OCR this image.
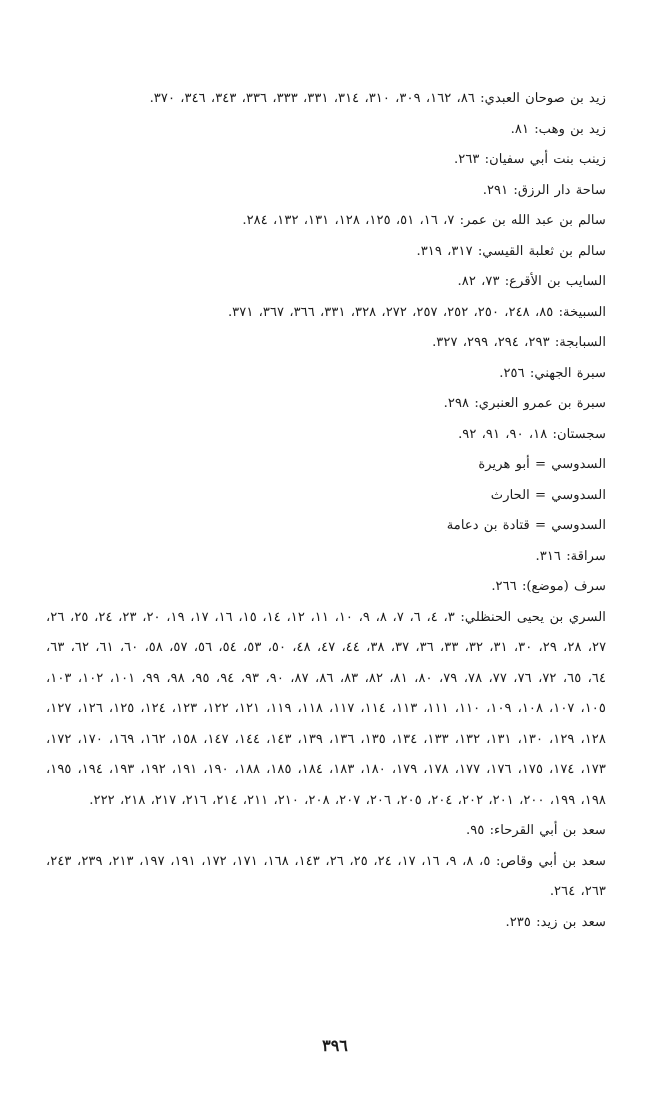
زيد بن صوحان العبدي: ٨٦، ١٦٢، ٣٠٩، ٣١٠، ٣١٤، ٣٣١، ٣٣٣، ٣٣٦، ٣٤٣، ٣٤٦، ٣٧٠.

زيد بن وهب: ٨١.

زينب بنت أبي سفيان: ٢٦٣.

ساحة دار الرزق: ٢٩١.

سالم بن عبد الله بن عمر: ٧، ١٦، ٥١، ١٢٥، ١٢٨، ١٣١، ١٣٢، ٢٨٤.

سالم بن ثعلبة القيسي: ٣١٧، ٣١٩.

السايب بن الأقرع: ٧٣، ٨٢.

السبيخة: ٨٥، ٢٤٨، ٢٥٠، ٢٥٢، ٢٥٧، ٢٧٢، ٣٢٨، ٣٣١، ٣٦٦، ٣٦٧، ٣٧١.

السبابجة: ٢٩٣، ٢٩٤، ٢٩٩، ٣٢٧.

سبرة الجهني: ٢٥٦.

سبرة بن عمرو العنبري: ٢٩٨.

سجستان: ١٨، ٩٠، ٩١، ٩٢.

السدوسي = أبو هريرة

السدوسي = الحارث

السدوسي = قتادة بن دعامة

سراقة: ٣١٦.

سرف (موضع): ٢٦٦.

السري بن يحيى الحنظلي: ٣، ٤، ٦، ٧، ٨، ٩، ١٠، ١١، ١٢، ١٤، ١٥، ١٦، ١٧، ١٩، ٢٠، ٢٣، ٢٤، ٢٥، ٢٦، ٢٧، ٢٨، ٢٩، ٣٠، ٣١، ٣٢، ٣٣، ٣٦، ٣٧، ٣٨، ٤٤، ٤٧، ٤٨، ٥٠، ٥٣، ٥٤، ٥٦، ٥٧، ٥٨، ٦٠، ٦١، ٦٢، ٦٣، ٦٤، ٦٥، ٧٢، ٧٦، ٧٧، ٧٨، ٧٩، ٨٠، ٨١، ٨٢، ٨٣، ٨٦، ٨٧، ٩٠، ٩٣، ٩٤، ٩٥، ٩٨، ٩٩، ١٠١، ١٠٢، ١٠٣، ١٠٥، ١٠٧، ١٠٨، ١٠٩، ١١٠، ١١١، ١١٣، ١١٤، ١١٧، ١١٨، ١١٩، ١٢١، ١٢٢، ١٢٣، ١٢٤، ١٢٥، ١٢٦، ١٢٧، ١٢٨، ١٢٩، ١٣٠، ١٣١، ١٣٢، ١٣٣، ١٣٤، ١٣٥، ١٣٦، ١٣٩، ١٤٣، ١٤٤، ١٤٧، ١٥٨، ١٦٢، ١٦٩، ١٧٠، ١٧٢، ١٧٣، ١٧٤، ١٧٥، ١٧٦، ١٧٧، ١٧٨، ١٧٩، ١٨٠، ١٨٣، ١٨٤، ١٨٥، ١٨٨، ١٩٠، ١٩١، ١٩٢، ١٩٣، ١٩٤، ١٩٥، ١٩٨، ١٩٩، ٢٠٠، ٢٠١، ٢٠٢، ٢٠٤، ٢٠٥، ٢٠٦، ٢٠٧، ٢٠٨، ٢١٠، ٢١١، ٢١٤، ٢١٦، ٢١٧، ٢١٨، ٢٢٢.

سعد بن أبي القرحاء: ٩٥.

سعد بن أبي وقاص: ٥، ٨، ٩، ١٦، ١٧، ٢٤، ٢٥، ٢٦، ١٤٣، ١٦٨، ١٧١، ١٧٢، ١٩١، ١٩٧، ٢١٣، ٢٣٩، ٢٤٣، ٢٦٣، ٢٦٤.

سعد بن زيد: ٢٣٥.

٣٩٦
